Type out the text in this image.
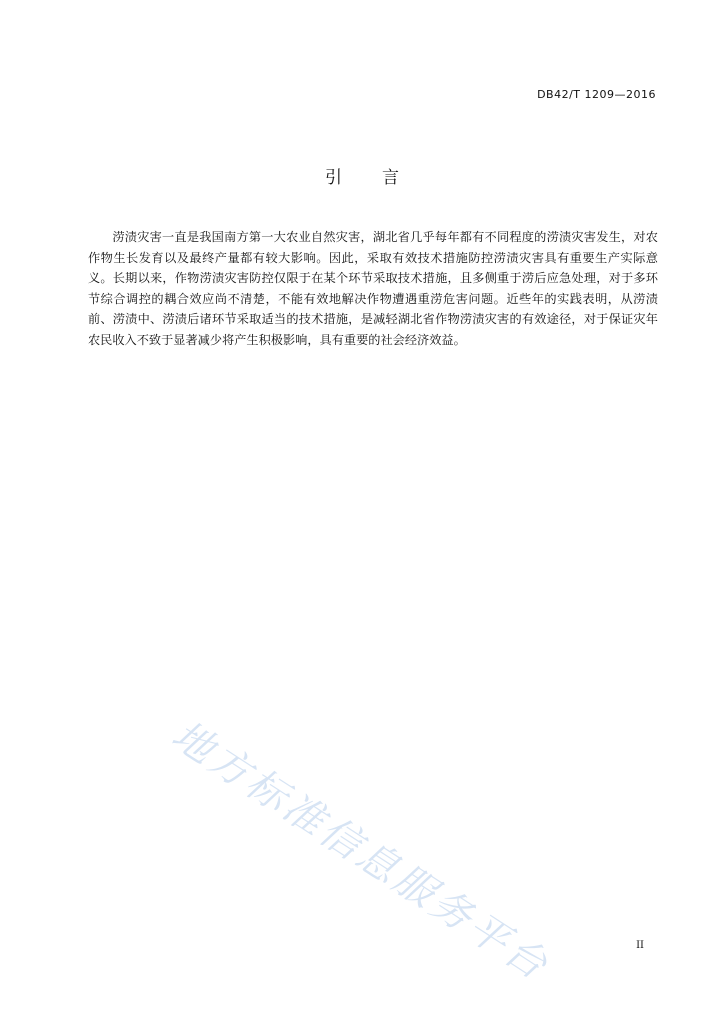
DB42/T 1209—2016
引 言

涝渍灾害一直是我国南方第一大农业自然灾害，湖北省几乎每年都有不同程度的涝渍灾害发生，对农作物生长发育以及最终产量都有较大影响。因此，采取有效技术措施防控涝渍灾害具有重要生产实际意义。长期以来，作物涝渍灾害防控仅限于在某个环节采取技术措施，且多侧重于涝后应急处理，对于多环节综合调控的耦合效应尚不清楚，不能有效地解决作物遭遇重涝危害问题。近些年的实践表明，从涝渍前、涝渍中、涝渍后诸环节采取适当的技术措施，是减轻湖北省作物涝渍灾害的有效途径，对于保证灾年农民收入不致于显著减少将产生积极影响，具有重要的社会经济效益。

地方标准信息服务平台	II
